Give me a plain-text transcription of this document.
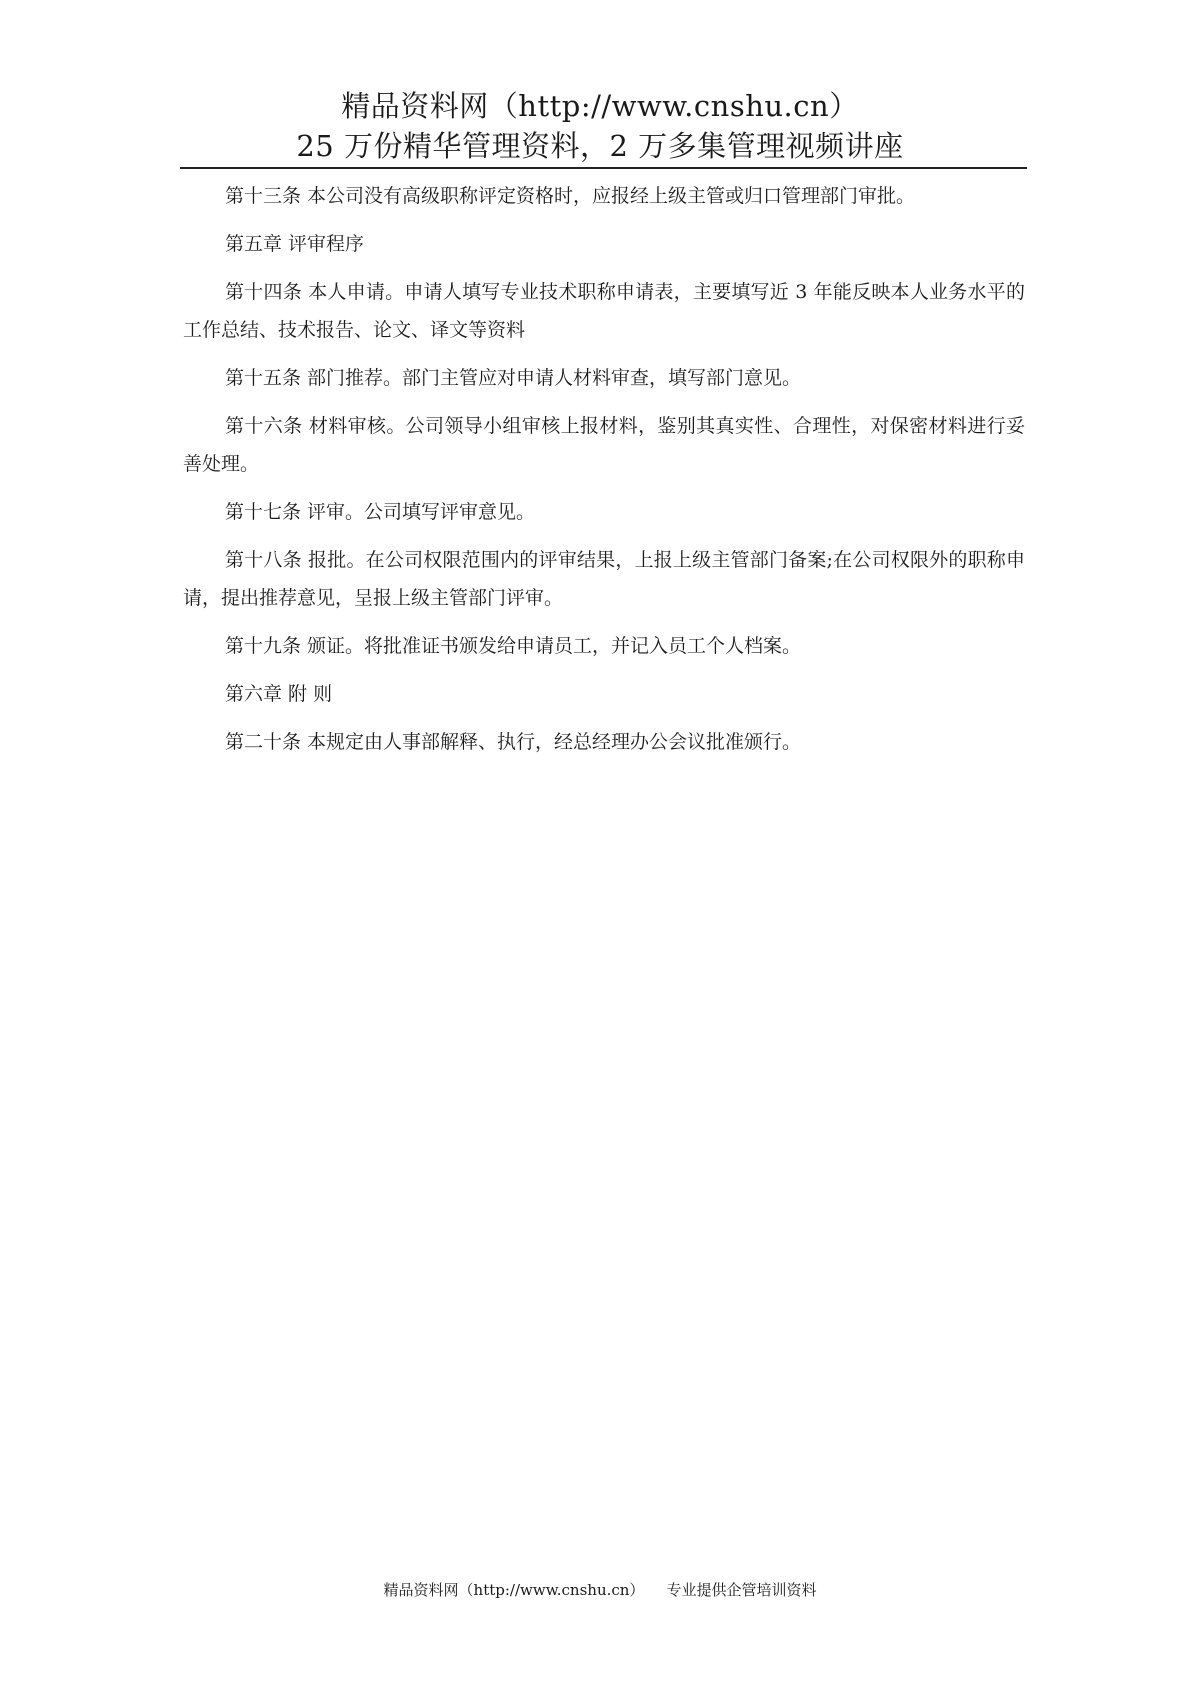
精品资料网（http://www.cnshu.cn）
25 万份精华管理资料，2 万多集管理视频讲座

第十三条 本公司没有高级职称评定资格时，应报经上级主管或归口管理部门审批。

第五章 评审程序

第十四条 本人申请。申请人填写专业技术职称申请表，主要填写近 3 年能反映本人业务水平的工作总结、技术报告、论文、译文等资料

第十五条 部门推荐。部门主管应对申请人材料审查，填写部门意见。

第十六条 材料审核。公司领导小组审核上报材料，鉴别其真实性、合理性，对保密材料进行妥善处理。

第十七条 评审。公司填写评审意见。

第十八条 报批。在公司权限范围内的评审结果，上报上级主管部门备案;在公司权限外的职称申请，提出推荐意见，呈报上级主管部门评审。

第十九条 颁证。将批准证书颁发给申请员工，并记入员工个人档案。

第六章 附 则

第二十条 本规定由人事部解释、执行，经总经理办公会议批准颁行。

精品资料网（http://www.cnshu.cn） 专业提供企管培训资料
